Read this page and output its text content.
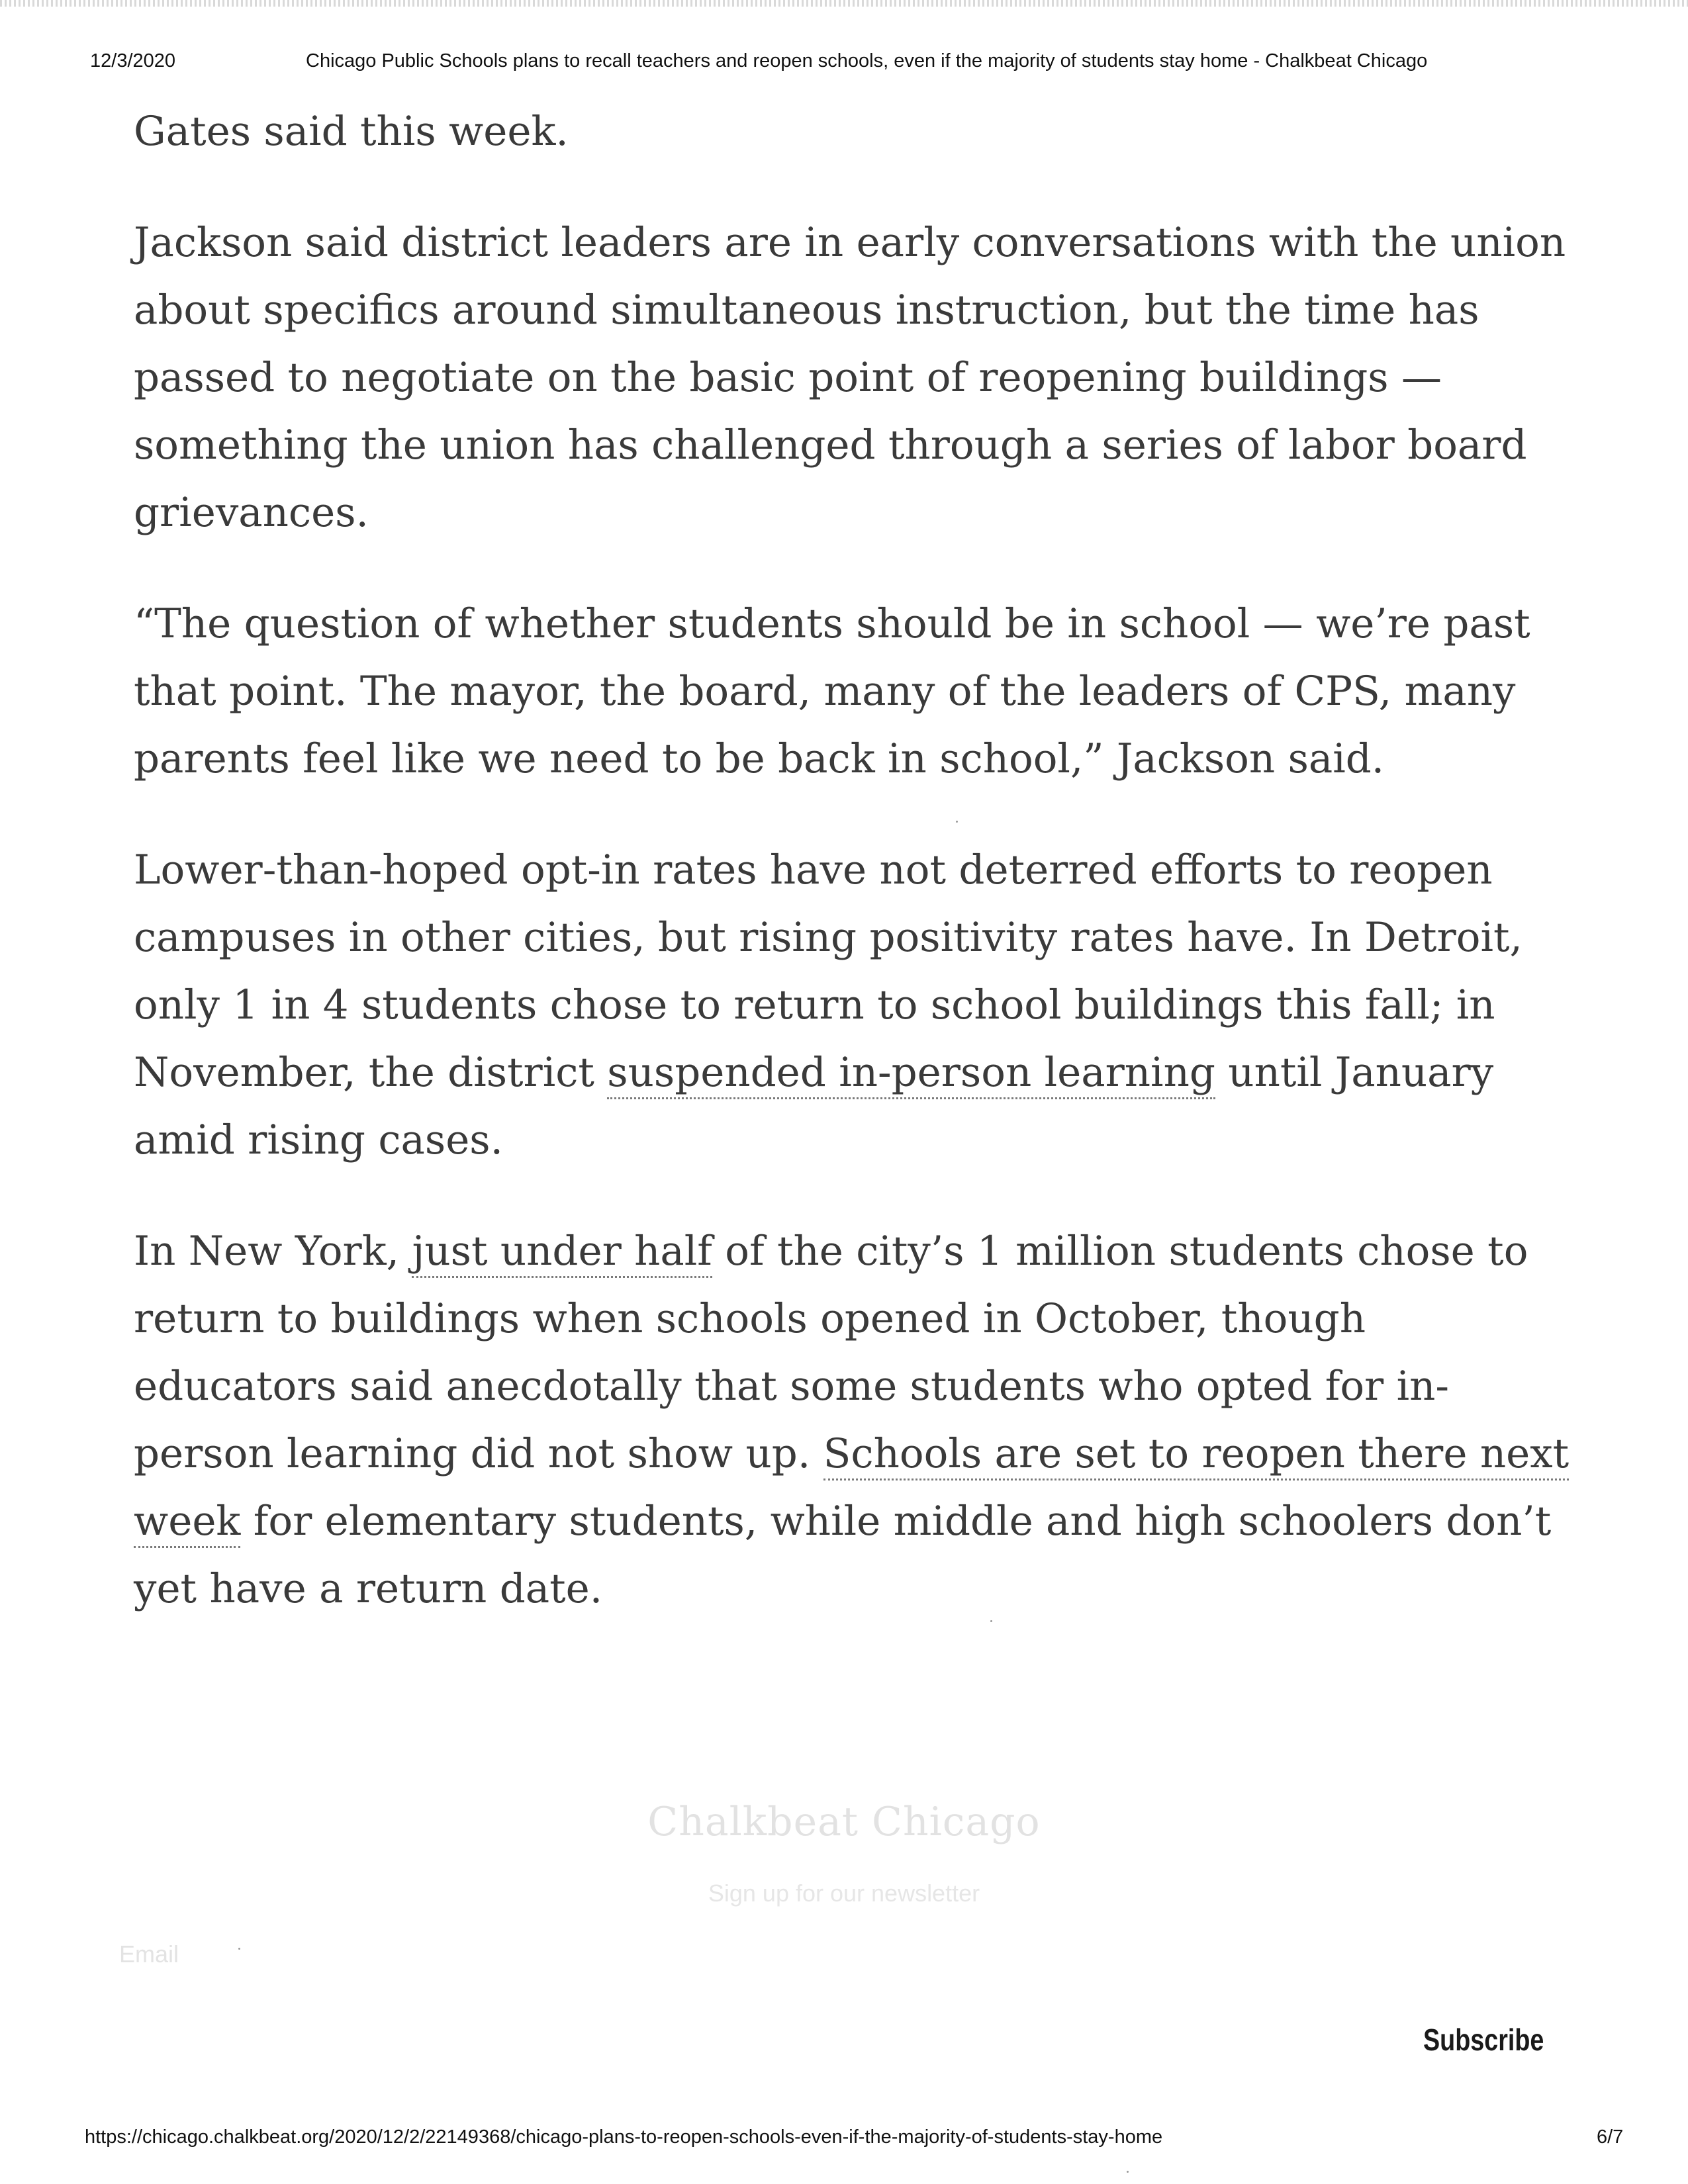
12/3/2020	Chicago Public Schools plans to recall teachers and reopen schools, even if the majority of students stay home - Chalkbeat Chicago

Gates said this week.

Jackson said district leaders are in early conversations with the union about specifics around simultaneous instruction, but the time has passed to negotiate on the basic point of reopening buildings — something the union has challenged through a series of labor board grievances.

“The question of whether students should be in school — we’re past that point. The mayor, the board, many of the leaders of CPS, many parents feel like we need to be back in school,” Jackson said.

Lower-than-hoped opt-in rates have not deterred efforts to reopen campuses in other cities, but rising positivity rates have. In Detroit, only 1 in 4 students chose to return to school buildings this fall; in November, the district suspended in-person learning until January amid rising cases.

In New York, just under half of the city’s 1 million students chose to return to buildings when schools opened in October, though educators said anecdotally that some students who opted for in-person learning did not show up. Schools are set to reopen there next week for elementary students, while middle and high schoolers don’t yet have a return date.

Chalkbeat Chicago
Sign up for our newsletter
Email
Subscribe
https://chicago.chalkbeat.org/2020/12/2/22149368/chicago-plans-to-reopen-schools-even-if-the-majority-of-students-stay-home	6/7
